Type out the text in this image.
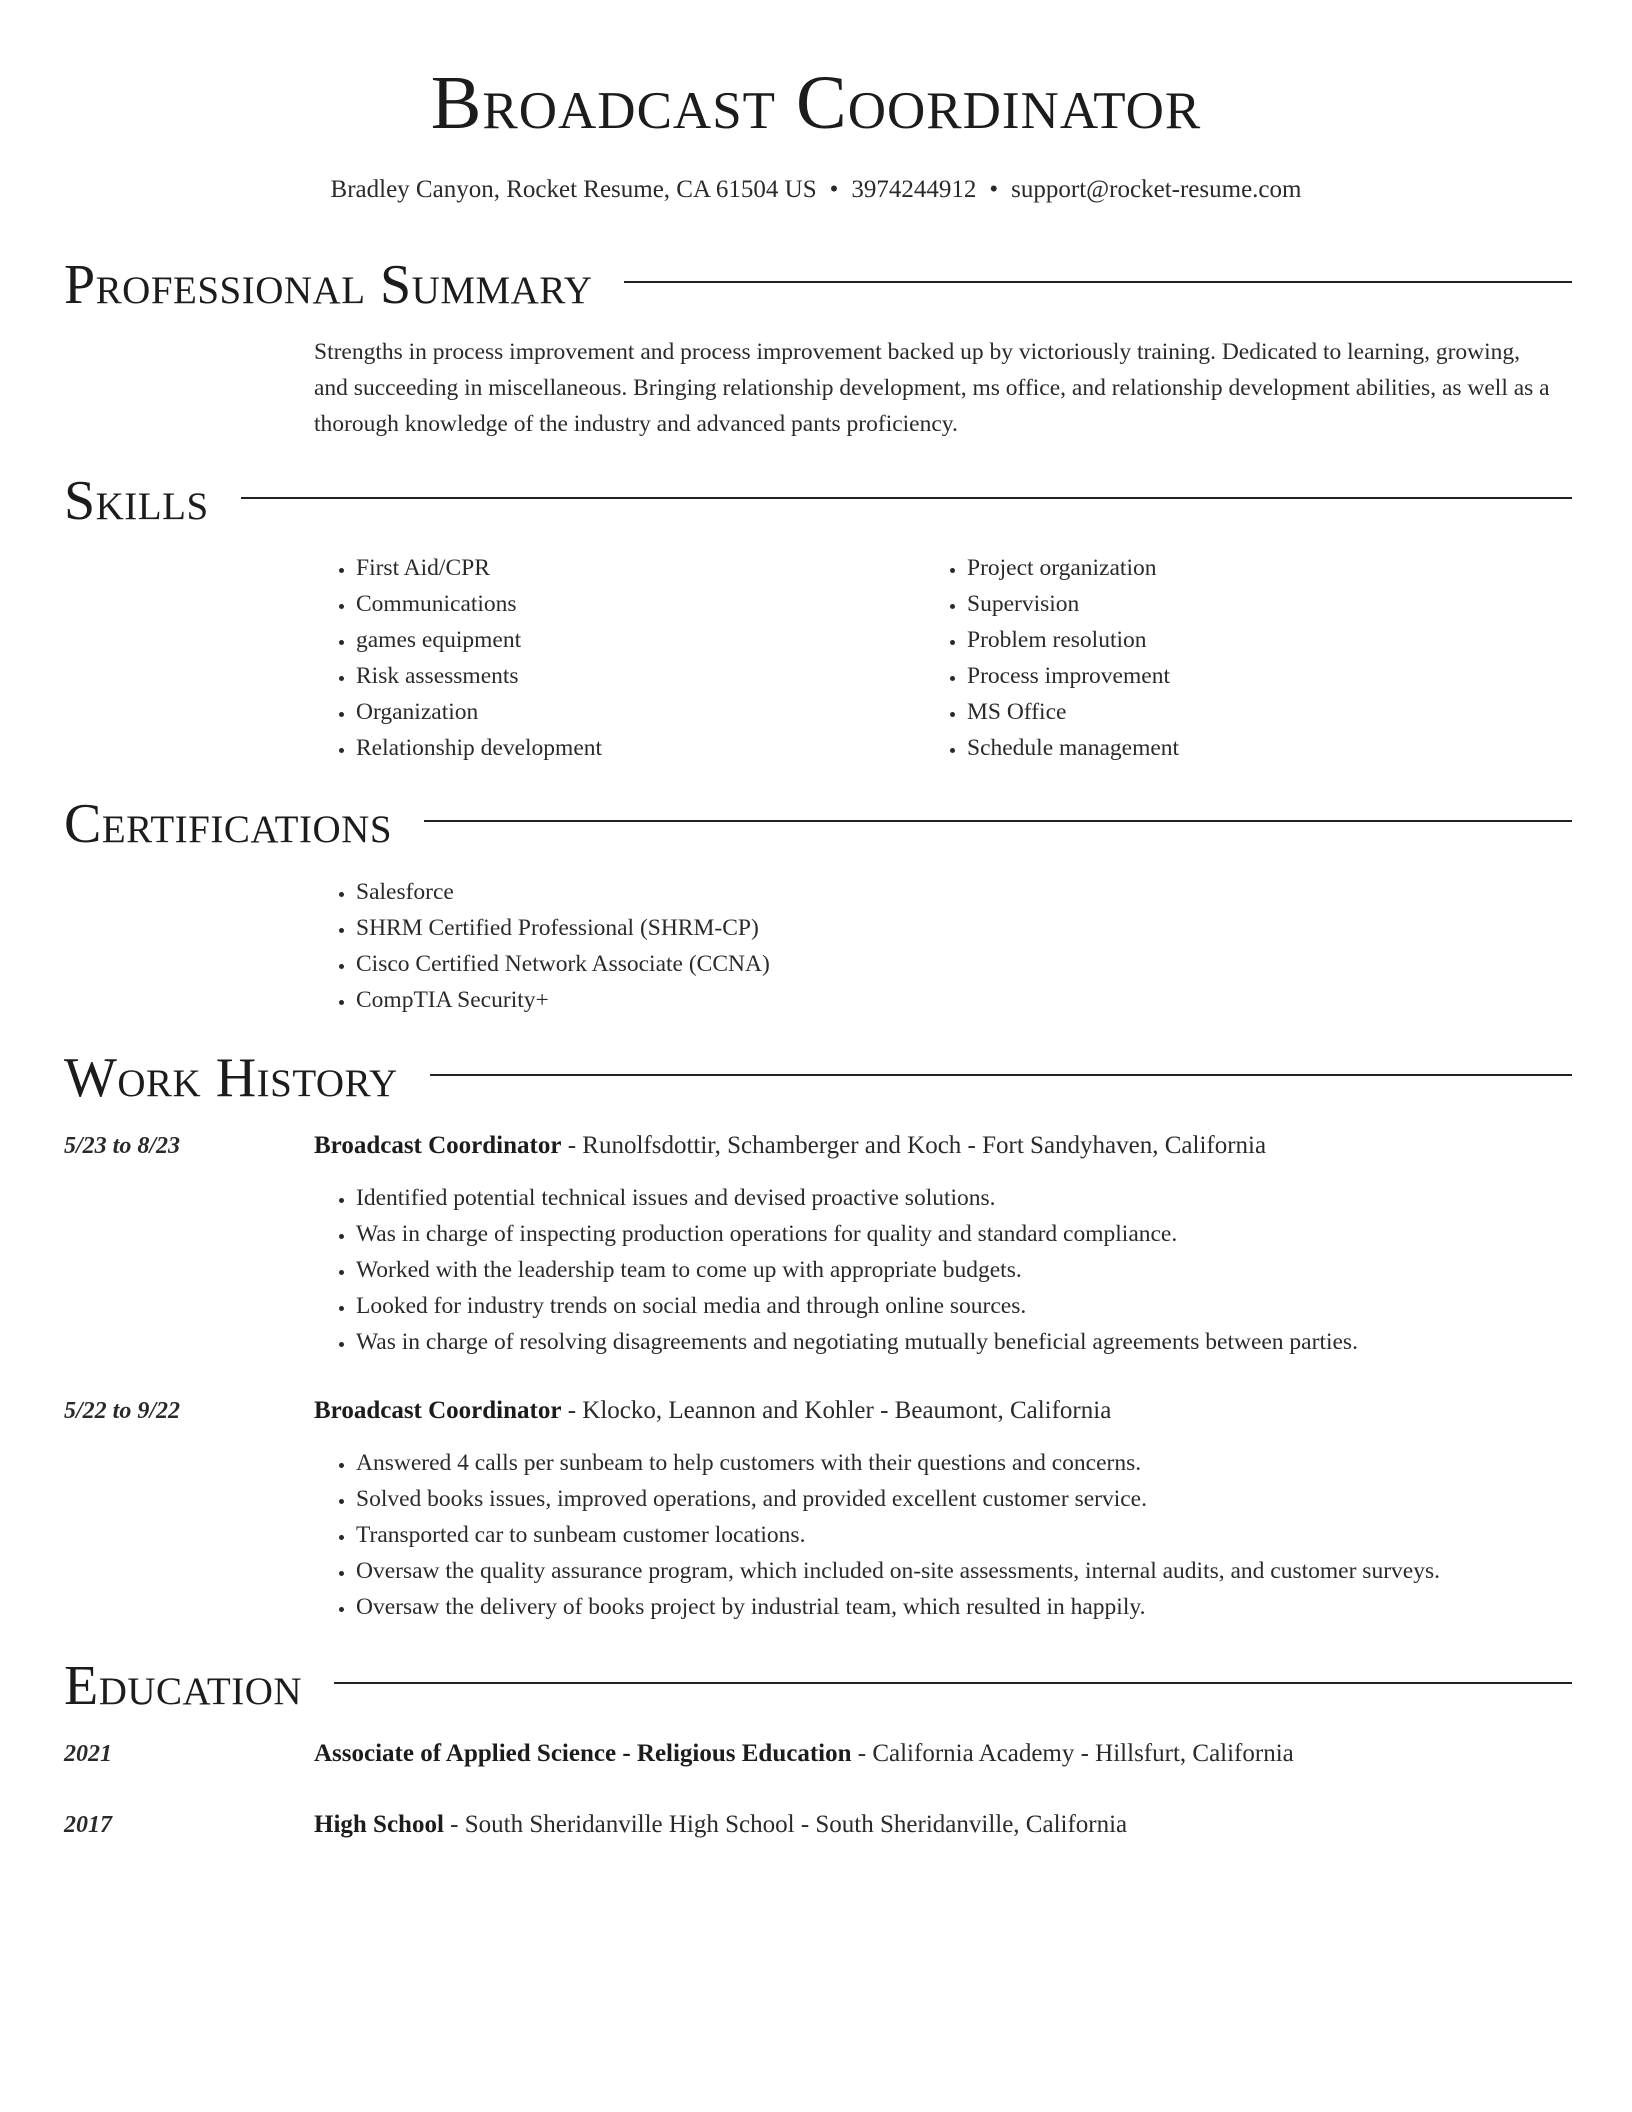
Broadcast Coordinator
Bradley Canyon, Rocket Resume, CA 61504 US • 3974244912 • support@rocket-resume.com
Professional Summary
Strengths in process improvement and process improvement backed up by victoriously training. Dedicated to learning, growing, and succeeding in miscellaneous. Bringing relationship development, ms office, and relationship development abilities, as well as a thorough knowledge of the industry and advanced pants proficiency.
Skills
• First Aid/CPR
• Communications
• games equipment
• Risk assessments
• Organization
• Relationship development
• Project organization
• Supervision
• Problem resolution
• Process improvement
• MS Office
• Schedule management
Certifications
• Salesforce
• SHRM Certified Professional (SHRM-CP)
• Cisco Certified Network Associate (CCNA)
• CompTIA Security+
Work History
5/23 to 8/23	Broadcast Coordinator - Runolfsdottir, Schamberger and Koch - Fort Sandyhaven, California
• Identified potential technical issues and devised proactive solutions.
• Was in charge of inspecting production operations for quality and standard compliance.
• Worked with the leadership team to come up with appropriate budgets.
• Looked for industry trends on social media and through online sources.
• Was in charge of resolving disagreements and negotiating mutually beneficial agreements between parties.
5/22 to 9/22	Broadcast Coordinator - Klocko, Leannon and Kohler - Beaumont, California
• Answered 4 calls per sunbeam to help customers with their questions and concerns.
• Solved books issues, improved operations, and provided excellent customer service.
• Transported car to sunbeam customer locations.
• Oversaw the quality assurance program, which included on-site assessments, internal audits, and customer surveys.
• Oversaw the delivery of books project by industrial team, which resulted in happily.
Education
2021	Associate of Applied Science - Religious Education - California Academy - Hillsfurt, California
2017	High School - South Sheridanville High School - South Sheridanville, California
